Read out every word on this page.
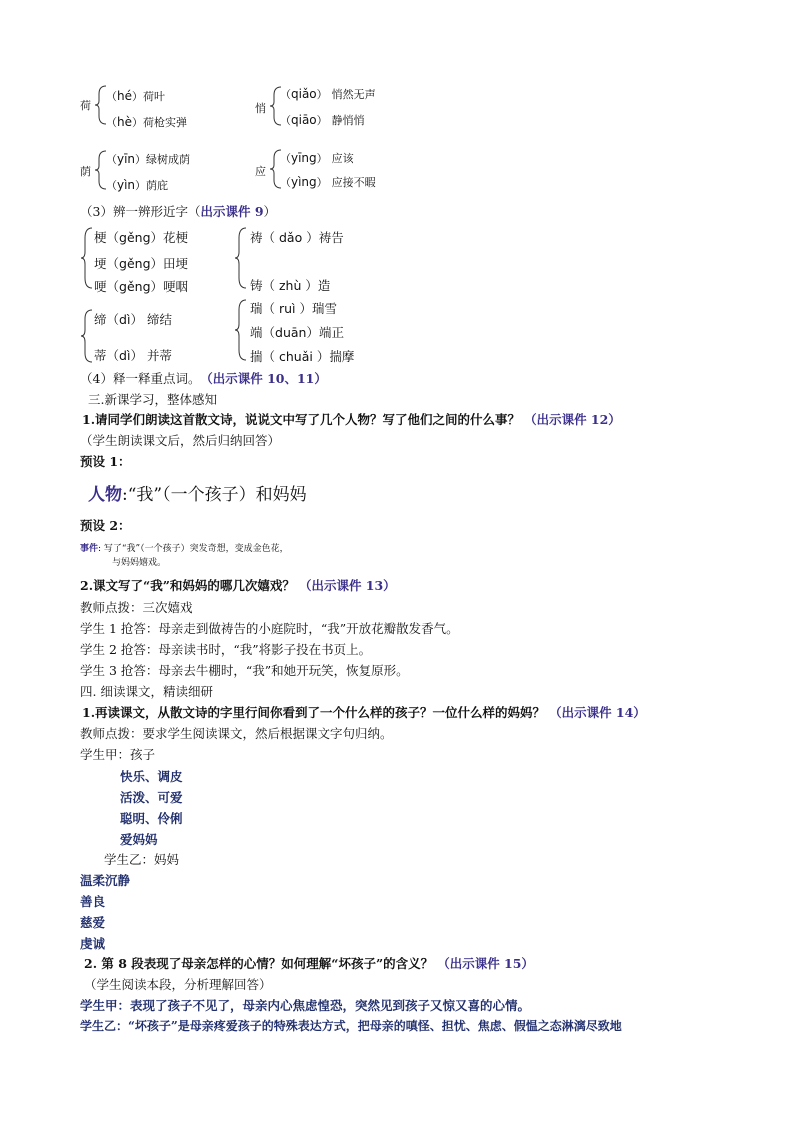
荷
（hé）荷叶
（hè）荷枪实弹
悄
（qiǎo） 悄然无声
（qiāo） 静悄悄
荫
（yīn）绿树成荫
（yìn）荫庇
应
（yīng） 应该
（yìng） 应接不暇
（3）辨一辨形近字（出示课件 9）
梗（gěng）花梗
埂（gěng）田埂
哽（gěng）哽咽
祷（ dǎo ）祷告
铸（ zhù ）造
缔（dì） 缔结
蒂（dì） 并蒂
瑞（ ruì ）瑞雪
端（duān）端正
揣（ chuǎi ）揣摩
（4）释一释重点词。 （出示课件 10、11）
三.新课学习，整体感知
1.请同学们朗读这首散文诗，说说文中写了几个人物？写了他们之间的什么事？ （出示课件 12）
（学生朗读课文后，然后归纳回答）
预设 1：
人物:“我”（一个孩子）和妈妈
预设 2：
事件: 写了“我”（一个孩子）突发奇想，变成金色花，
与妈妈嬉戏。
2.课文写了“我”和妈妈的哪几次嬉戏？ （出示课件 13）
教师点拨：三次嬉戏
学生 1 抢答：母亲走到做祷告的小庭院时，“我”开放花瓣散发香气。
学生 2 抢答：母亲读书时，“我”将影子投在书页上。
学生 3 抢答：母亲去牛棚时，“我”和她开玩笑，恢复原形。
四. 细读课文，精读细研
1.再读课文，从散文诗的字里行间你看到了一个什么样的孩子？一位什么样的妈妈？ （出示课件 14）
教师点拨：要求学生阅读课文，然后根据课文字句归纳。
学生甲：孩子
快乐、调皮
活泼、可爱
聪明、伶俐
爱妈妈
学生乙：妈妈
温柔沉静
善良
慈爱
虔诚
2. 第 8 段表现了母亲怎样的心情？如何理解“坏孩子”的含义？ （出示课件 15）
（学生阅读本段，分析理解回答）
学生甲：表现了孩子不见了，母亲内心焦虑惶恐，突然见到孩子又惊又喜的心情。
学生乙：“坏孩子”是母亲疼爱孩子的特殊表达方式，把母亲的嗔怪、担忧、焦虑、假愠之态淋漓尽致地
